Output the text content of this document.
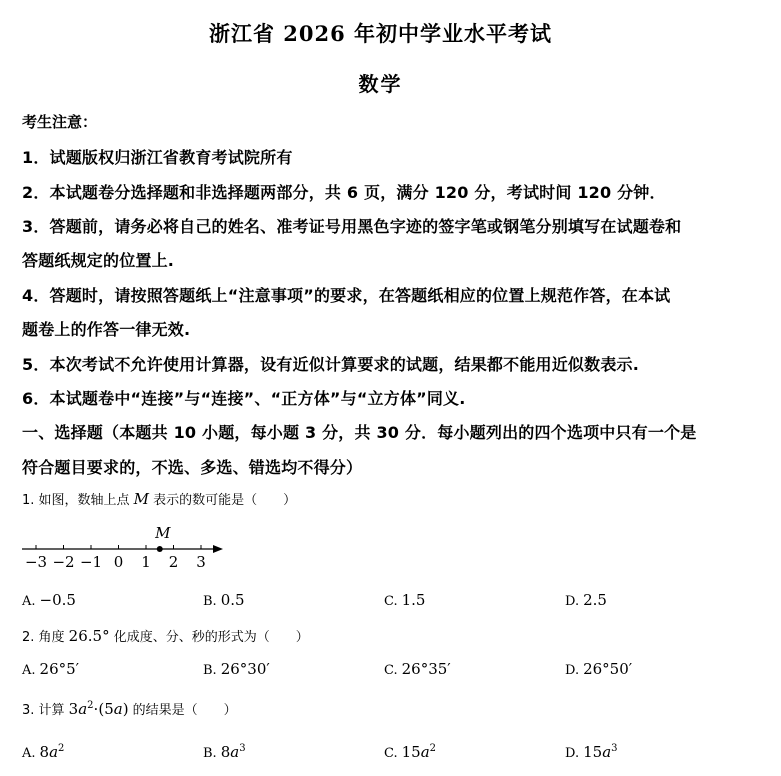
浙江省 2026 年初中学业水平考试
数学
考生注意：
1．试题版权归浙江省教育考试院所有
2．本试题卷分选择题和非选择题两部分，共 6 页，满分 120 分，考试时间 120 分钟．
3．答题前，请务必将自己的姓名、准考证号用黑色字迹的签字笔或钢笔分别填写在试题卷和
答题纸规定的位置上.
4．答题时，请按照答题纸上“注意事项”的要求，在答题纸相应的位置上规范作答，在本试
题卷上的作答一律无效.
5．本次考试不允许使用计算器，设有近似计算要求的试题，结果都不能用近似数表示.
6．本试题卷中“连接”与“连接”、“正方体”与“立方体”同义.
一、选择题（本题共 10 小题，每小题 3 分，共 30 分．每小题列出的四个选项中只有一个是
符合题目要求的，不选、多选、错选均不得分）
1. 如图，数轴上点 M 表示的数可能是（　　）
−3 −2 −1 0 1 2 3
M
A. −0.5	B. 0.5	C. 1.5	D. 2.5
2. 角度 26.5° 化成度、分、秒的形式为（　　）
A. 26°5′	B. 26°30′	C. 26°35′	D. 26°50′
3. 计算 $3a^2\cdot(5a)$ 的结果是（　　）
A. $8a^2$	B. $8a^3$	C. $15a^2$	D. $15a^3$
